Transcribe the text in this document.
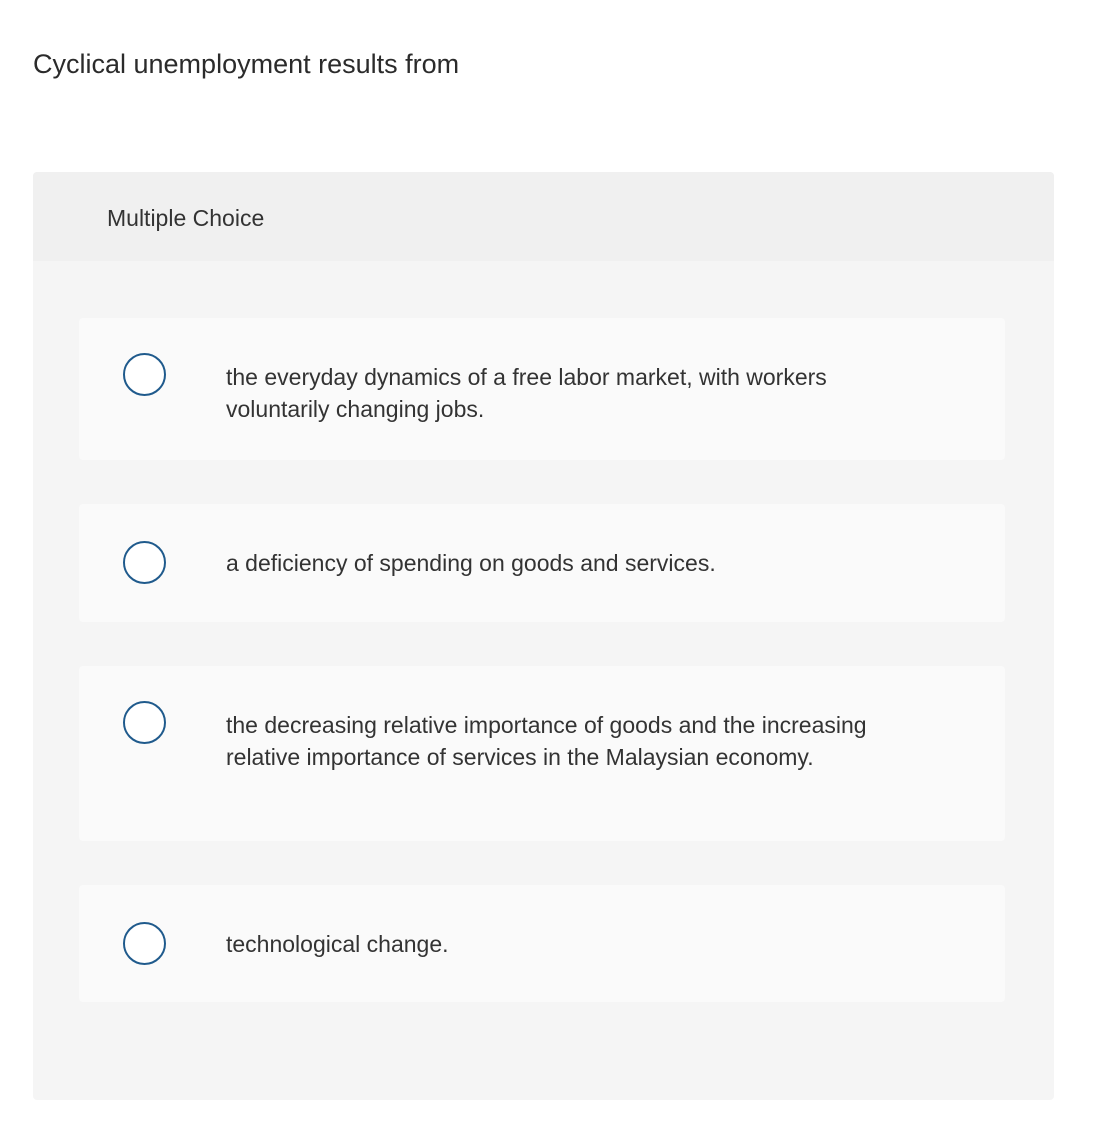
Cyclical unemployment results from
Multiple Choice
the everyday dynamics of a free labor market, with workers voluntarily changing jobs.
a deficiency of spending on goods and services.
the decreasing relative importance of goods and the increasing relative importance of services in the Malaysian economy.
technological change.
